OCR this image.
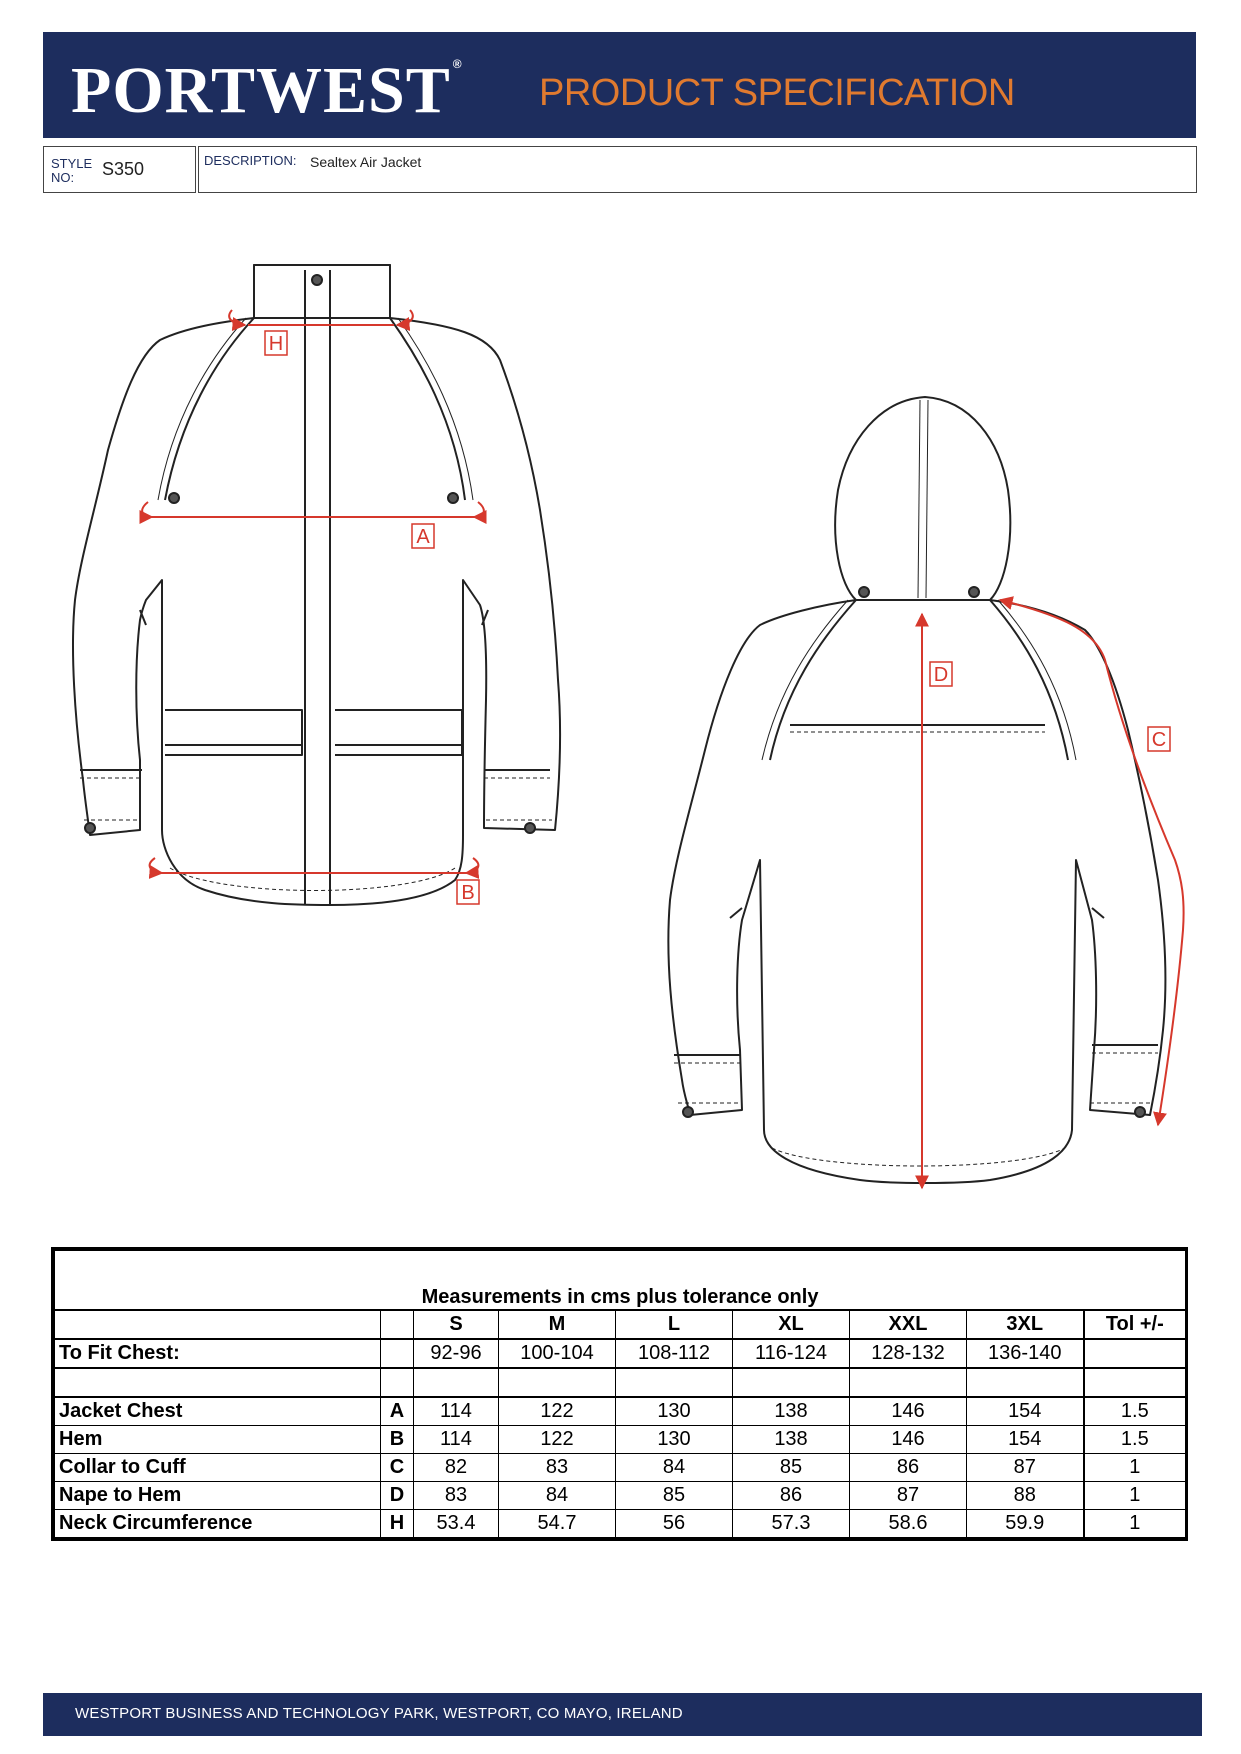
PORTWEST ®
PRODUCT SPECIFICATION
STYLE
NO:	S350	DESCRIPTION: Sealtex Air Jacket
H
A
B
D
C
Measurements in cms plus tolerance only								
		S	M	L	XL	XXL	3XL	Tol +/-
To Fit Chest:		92-96	100-104	108-112	116-124	128-132	136-140	

Jacket Chest	A	114	122	130	138	146	154	1.5
Hem	B	114	122	130	138	146	154	1.5
Collar to Cuff	C	82	83	84	85	86	87	1
Nape to Hem	D	83	84	85	86	87	88	1
Neck Circumference	H	53.4	54.7	56	57.3	58.6	59.9	1
WESTPORT BUSINESS AND TECHNOLOGY PARK, WESTPORT, CO MAYO, IRELAND
